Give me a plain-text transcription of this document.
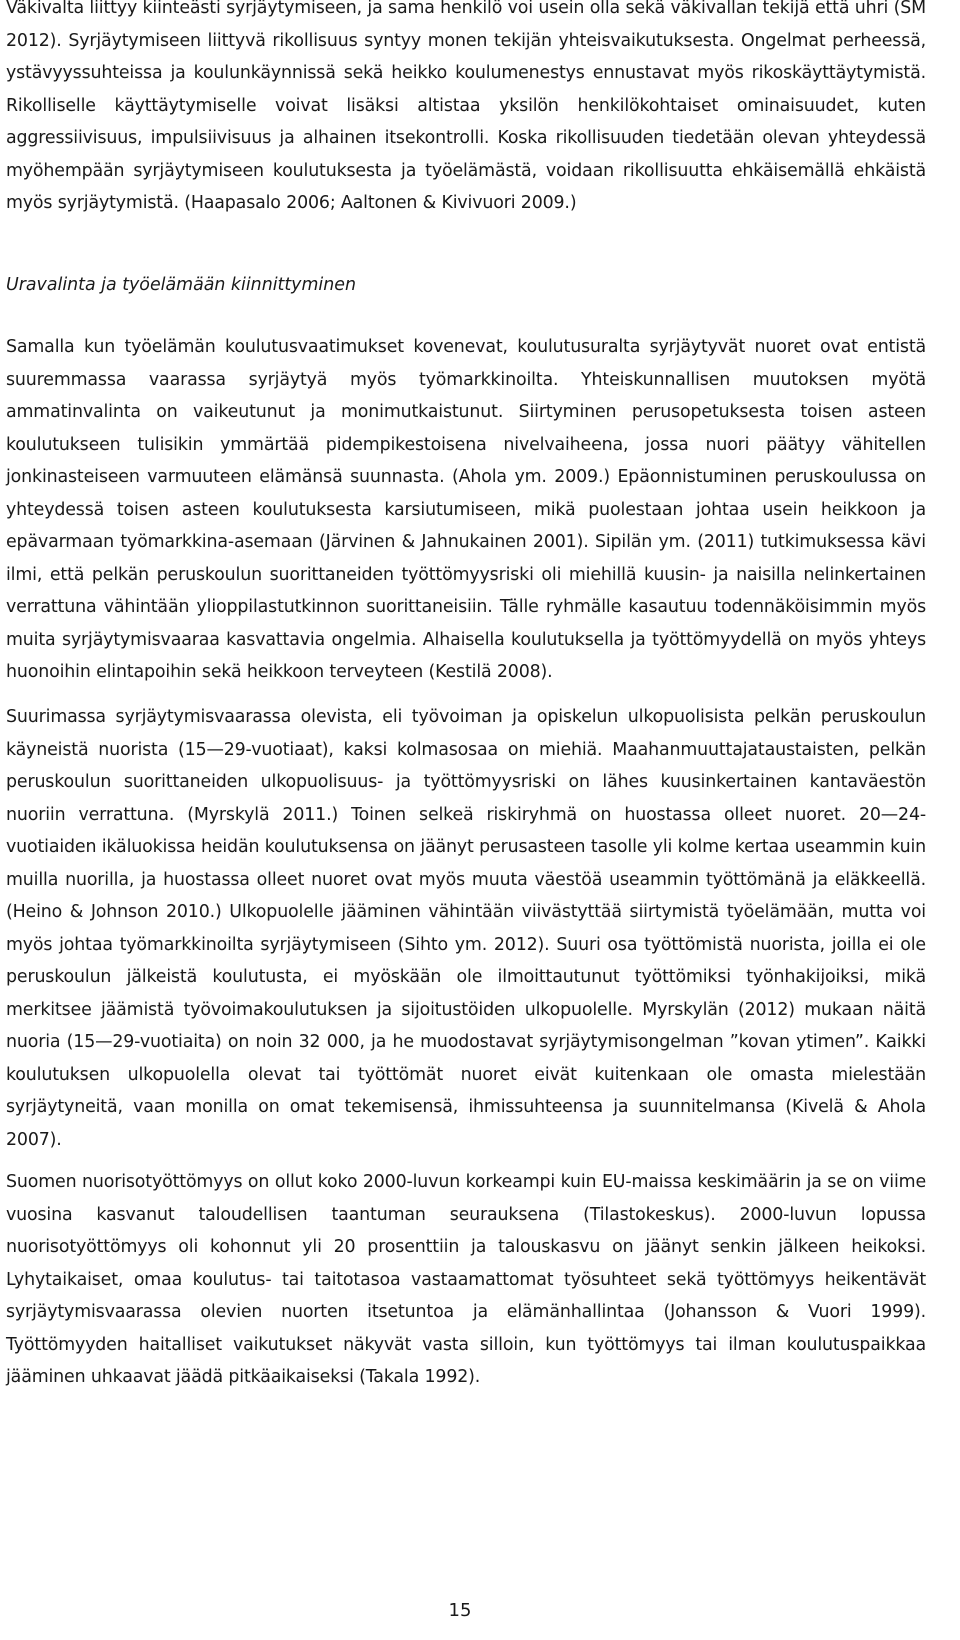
Väkivalta liittyy kiinteästi syrjäytymiseen, ja sama henkilö voi usein olla sekä väkivallan tekijä että uhri (SM 2012). Syrjäytymiseen liittyvä rikollisuus syntyy monen tekijän yhteisvaikutuksesta. Ongelmat perheessä, ystävyyssuhteissa ja koulunkäynnissä sekä heikko koulumenestys ennustavat myös rikoskäyttäytymistä. Rikolliselle käyttäytymiselle voivat lisäksi altistaa yksilön henkilökohtaiset ominaisuudet, kuten aggressiivisuus, impulsiivisuus ja alhainen itsekontrolli. Koska rikollisuuden tiedetään olevan yhteydessä myöhempään syrjäytymiseen koulutuksesta ja työelämästä, voidaan rikollisuutta ehkäisemällä ehkäistä myös syrjäytymistä. (Haapasalo 2006; Aaltonen & Kivivuori 2009.)

Uravalinta ja työelämään kiinnittyminen

Samalla kun työelämän koulutusvaatimukset kovenevat, koulutusuralta syrjäytyvät nuoret ovat entistä suuremmassa vaarassa syrjäytyä myös työmarkkinoilta. Yhteiskunnallisen muutoksen myötä ammatinvalinta on vaikeutunut ja monimutkaistunut. Siirtyminen perusopetuksesta toisen asteen koulutukseen tulisikin ymmärtää pidempikestoisena nivelvaiheena, jossa nuori päätyy vähitellen jonkinasteiseen varmuuteen elämänsä suunnasta. (Ahola ym. 2009.) Epäonnistuminen peruskoulussa on yhteydessä toisen asteen koulutuksesta karsiutumiseen, mikä puolestaan johtaa usein heikkoon ja epävarmaan työmarkkina-asemaan (Järvinen & Jahnukainen 2001). Sipilän ym. (2011) tutkimuksessa kävi ilmi, että pelkän peruskoulun suorittaneiden työttömyysriski oli miehillä kuusin- ja naisilla nelinkertainen verrattuna vähintään ylioppilastutkinnon suorittaneisiin. Tälle ryhmälle kasautuu todennäköisimmin myös muita syrjäytymisvaaraa kasvattavia ongelmia. Alhaisella koulutuksella ja työttömyydellä on myös yhteys huonoihin elintapoihin sekä heikkoon terveyteen (Kestilä 2008).

Suurimassa syrjäytymisvaarassa olevista, eli työvoiman ja opiskelun ulkopuolisista pelkän peruskoulun käyneistä nuorista (15—29-vuotiaat), kaksi kolmasosaa on miehiä. Maahanmuuttajataustaisten, pelkän peruskoulun suorittaneiden ulkopuolisuus- ja työttömyysriski on lähes kuusinkertainen kantaväestön nuoriin verrattuna. (Myrskylä 2011.) Toinen selkeä riskiryhmä on huostassa olleet nuoret. 20—24-vuotiaiden ikäluokissa heidän koulutuksensa on jäänyt perusasteen tasolle yli kolme kertaa useammin kuin muilla nuorilla, ja huostassa olleet nuoret ovat myös muuta väestöä useammin työttömänä ja eläkkeellä. (Heino & Johnson 2010.) Ulkopuolelle jääminen vähintään viivästyttää siirtymistä työelämään, mutta voi myös johtaa työmarkkinoilta syrjäytymiseen (Sihto ym. 2012). Suuri osa työttömistä nuorista, joilla ei ole peruskoulun jälkeistä koulutusta, ei myöskään ole ilmoittautunut työttömiksi työnhakijoiksi, mikä merkitsee jäämistä työvoimakoulutuksen ja sijoitustöiden ulkopuolelle. Myrskylän (2012) mukaan näitä nuoria (15—29-vuotiaita) on noin 32 000, ja he muodostavat syrjäytymisongelman ”kovan ytimen”. Kaikki koulutuksen ulkopuolella olevat tai työttömät nuoret eivät kuitenkaan ole omasta mielestään syrjäytyneitä, vaan monilla on omat tekemisensä, ihmissuhteensa ja suunnitelmansa (Kivelä & Ahola 2007).

Suomen nuorisotyöttömyys on ollut koko 2000-luvun korkeampi kuin EU-maissa keskimäärin ja se on viime vuosina kasvanut taloudellisen taantuman seurauksena (Tilastokeskus). 2000-luvun lopussa nuorisotyöttömyys oli kohonnut yli 20 prosenttiin ja talouskasvu on jäänyt senkin jälkeen heikoksi. Lyhytaikaiset, omaa koulutus- tai taitotasoa vastaamattomat työsuhteet sekä työttömyys heikentävät syrjäytymisvaarassa olevien nuorten itsetuntoa ja elämänhallintaa (Johansson & Vuori 1999). Työttömyyden haitalliset vaikutukset näkyvät vasta silloin, kun työttömyys tai ilman koulutuspaikkaa jääminen uhkaavat jäädä pitkäaikaiseksi (Takala 1992).

15
